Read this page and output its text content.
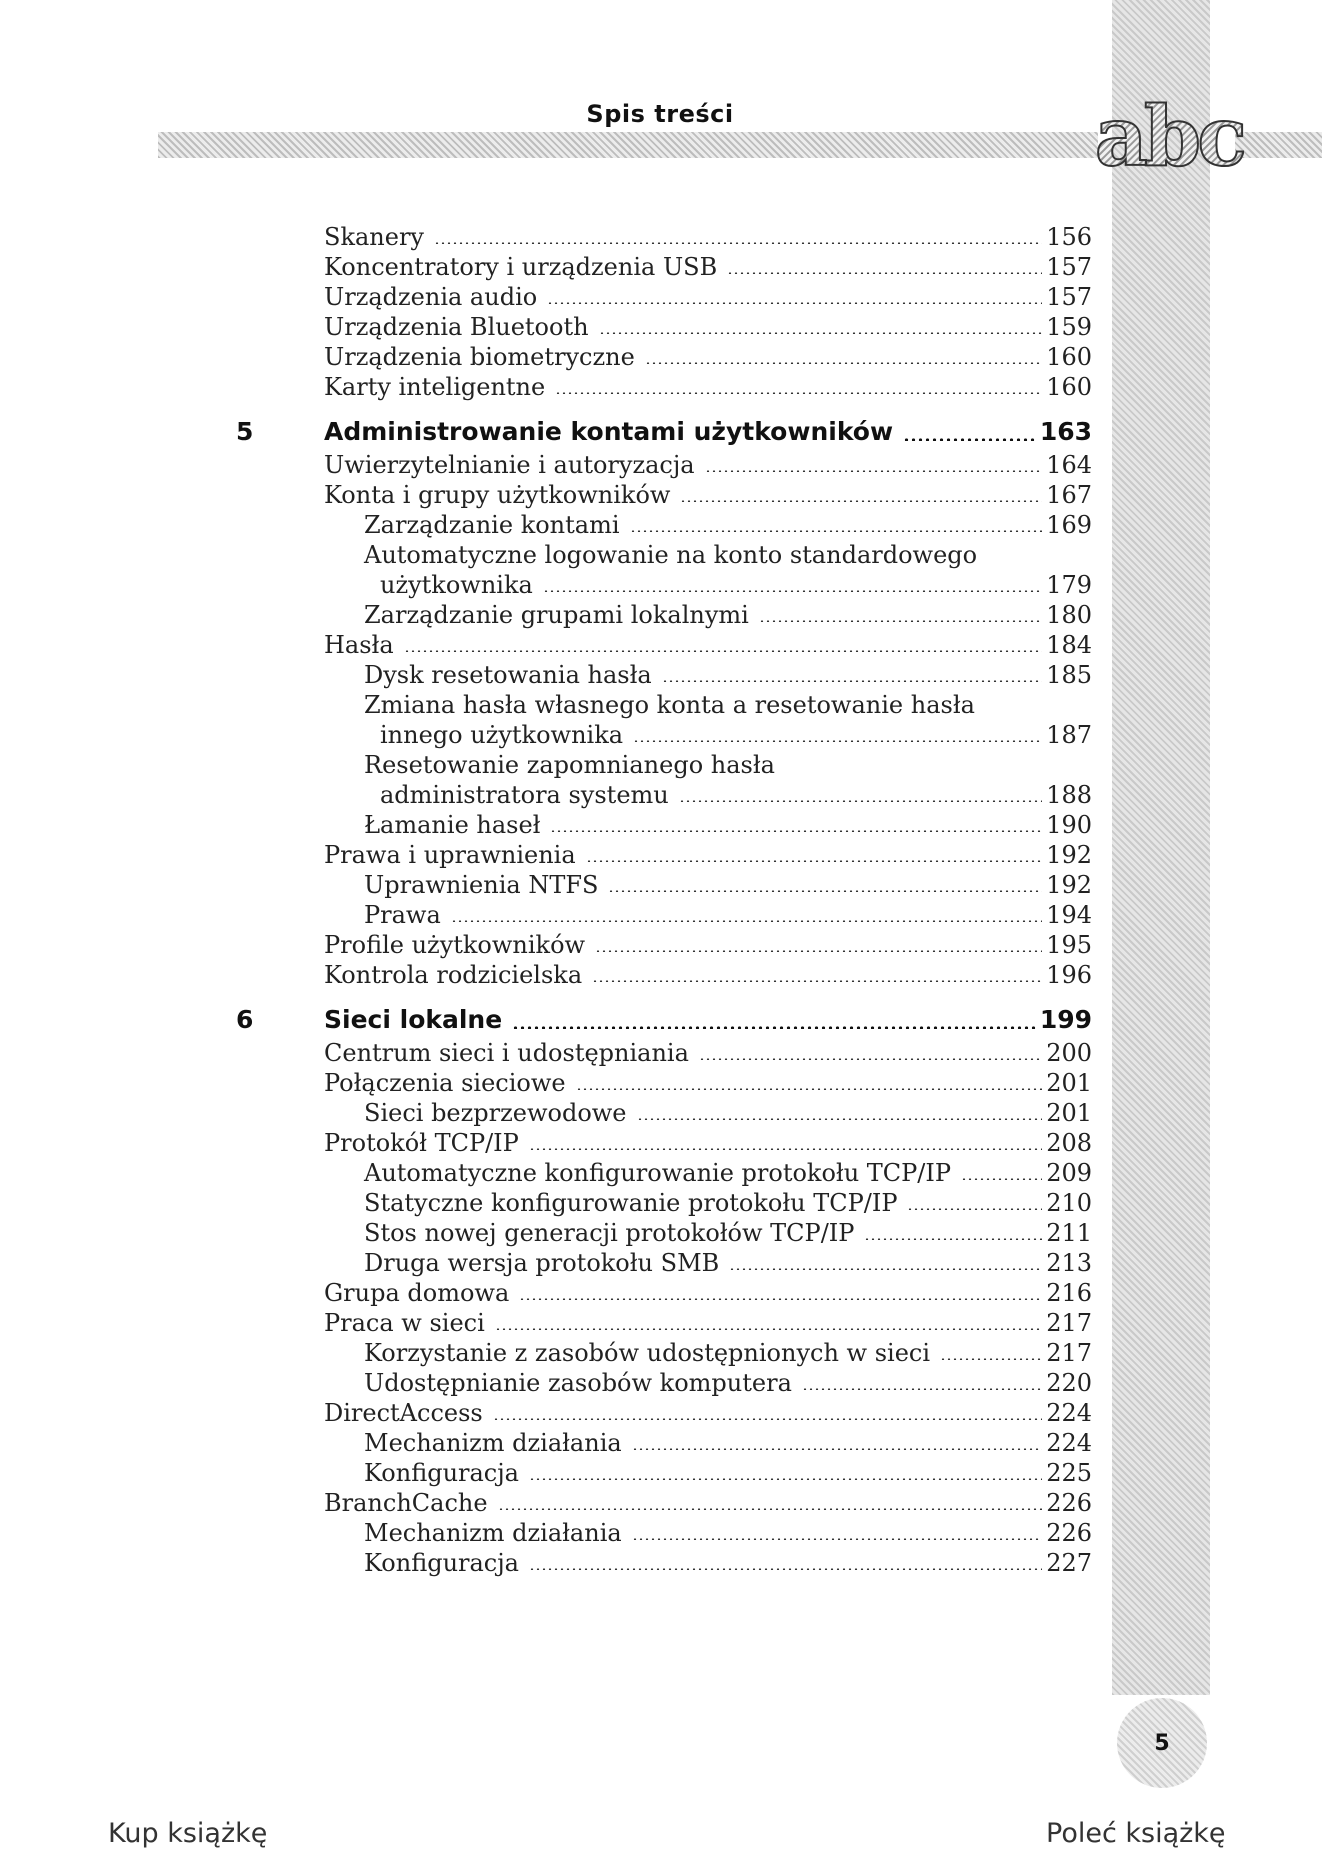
Spis treści	abc
Skanery	156
Koncentratory i urządzenia USB	157
Urządzenia audio	157
Urządzenia Bluetooth	159
Urządzenia biometryczne	160
Karty inteligentne	160
5	Administrowanie kontami użytkowników	163
Uwierzytelnianie i autoryzacja	164
Konta i grupy użytkowników	167
Zarządzanie kontami	169
Automatyczne logowanie na konto standardowego
użytkownika	179
Zarządzanie grupami lokalnymi	180
Hasła	184
Dysk resetowania hasła	185
Zmiana hasła własnego konta a resetowanie hasła
innego użytkownika	187
Resetowanie zapomnianego hasła
administratora systemu	188
Łamanie haseł	190
Prawa i uprawnienia	192
Uprawnienia NTFS	192
Prawa	194
Profile użytkowników	195
Kontrola rodzicielska	196
6	Sieci lokalne	199
Centrum sieci i udostępniania	200
Połączenia sieciowe	201
Sieci bezprzewodowe	201
Protokół TCP/IP	208
Automatyczne konfigurowanie protokołu TCP/IP	209
Statyczne konfigurowanie protokołu TCP/IP	210
Stos nowej generacji protokołów TCP/IP	211
Druga wersja protokołu SMB	213
Grupa domowa	216
Praca w sieci	217
Korzystanie z zasobów udostępnionych w sieci	217
Udostępnianie zasobów komputera	220
DirectAccess	224
Mechanizm działania	224
Konfiguracja	225
BranchCache	226
Mechanizm działania	226
Konfiguracja	227
5
Kup książkę	Poleć książkę
